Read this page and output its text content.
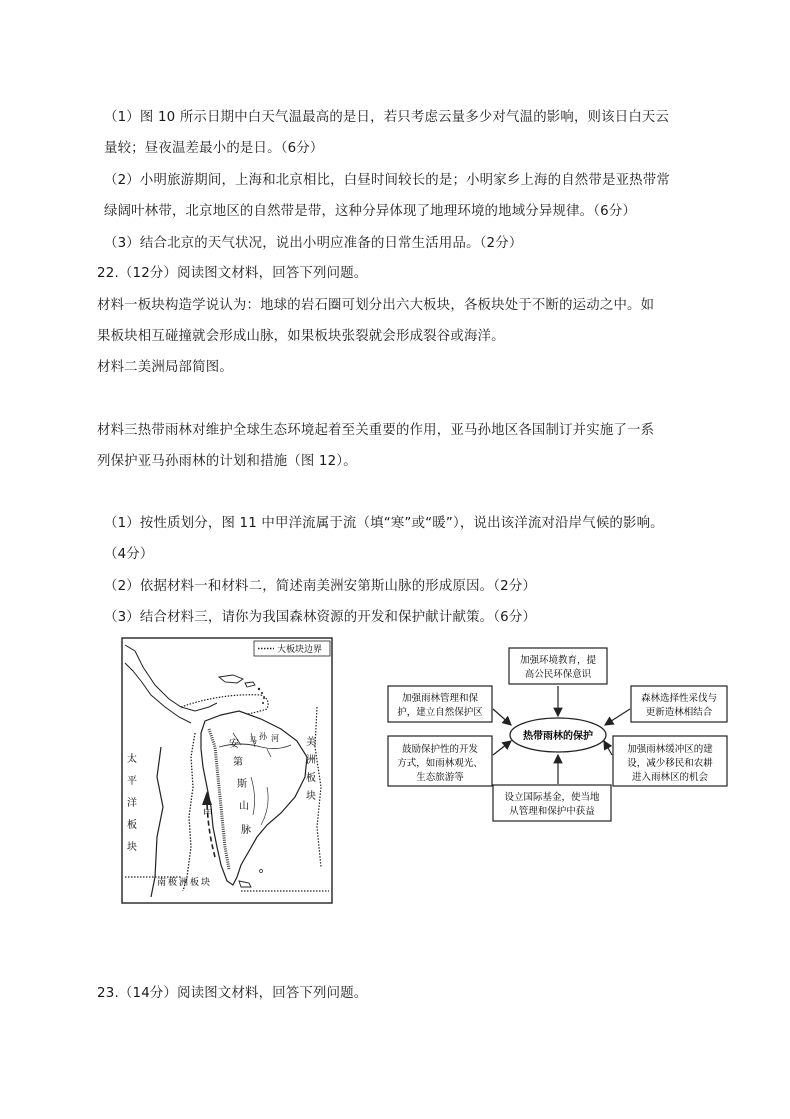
（1）图 10 所示日期中白天气温最高的是日，若只考虑云量多少对气温的影响，则该日白天云
量较；昼夜温差最小的是日。（6分）
（2）小明旅游期间，上海和北京相比，白昼时间较长的是；小明家乡上海的自然带是亚热带常
绿阔叶林带，北京地区的自然带是带，这种分异体现了地理环境的地域分异规律。（6分）
（3）结合北京的天气状况，说出小明应准备的日常生活用品。（2分）
22.（12分）阅读图文材料，回答下列问题。
材料一板块构造学说认为：地球的岩石圈可划分出六大板块，各板块处于不断的运动之中。如
果板块相互碰撞就会形成山脉，如果板块张裂就会形成裂谷或海洋。
材料二美洲局部简图。
材料三热带雨林对维护全球生态环境起着至关重要的作用，亚马孙地区各国制订并实施了一系
列保护亚马孙雨林的计划和措施（图 12）。
（1）按性质划分，图 11 中甲洋流属于流（填“寒”或“暖”），说出该洋流对沿岸气候的影响。
（4分）
（2）依据材料一和材料二，简述南美洲安第斯山脉的形成原因。（2分）
（3）结合材料三，请你为我国森林资源的开发和保护献计献策。（6分）
23.（14分）阅读图文材料，回答下列问题。
大板块边界
甲
太
平
洋
板
块
美
洲
板
块
安
第
斯
山
脉
马 孙 河
南极洲板块
热带雨林的保护
加强环境教育，提
高公民环保意识
加强雨林管理和保
护，建立自然保护区
森林选择性采伐与
更新造林相结合
鼓励保护性的开发
方式，如雨林观光、
生态旅游等
加强雨林缓冲区的建
设，减少移民和农耕
进入雨林区的机会
设立国际基金，使当地
从管理和保护中获益
